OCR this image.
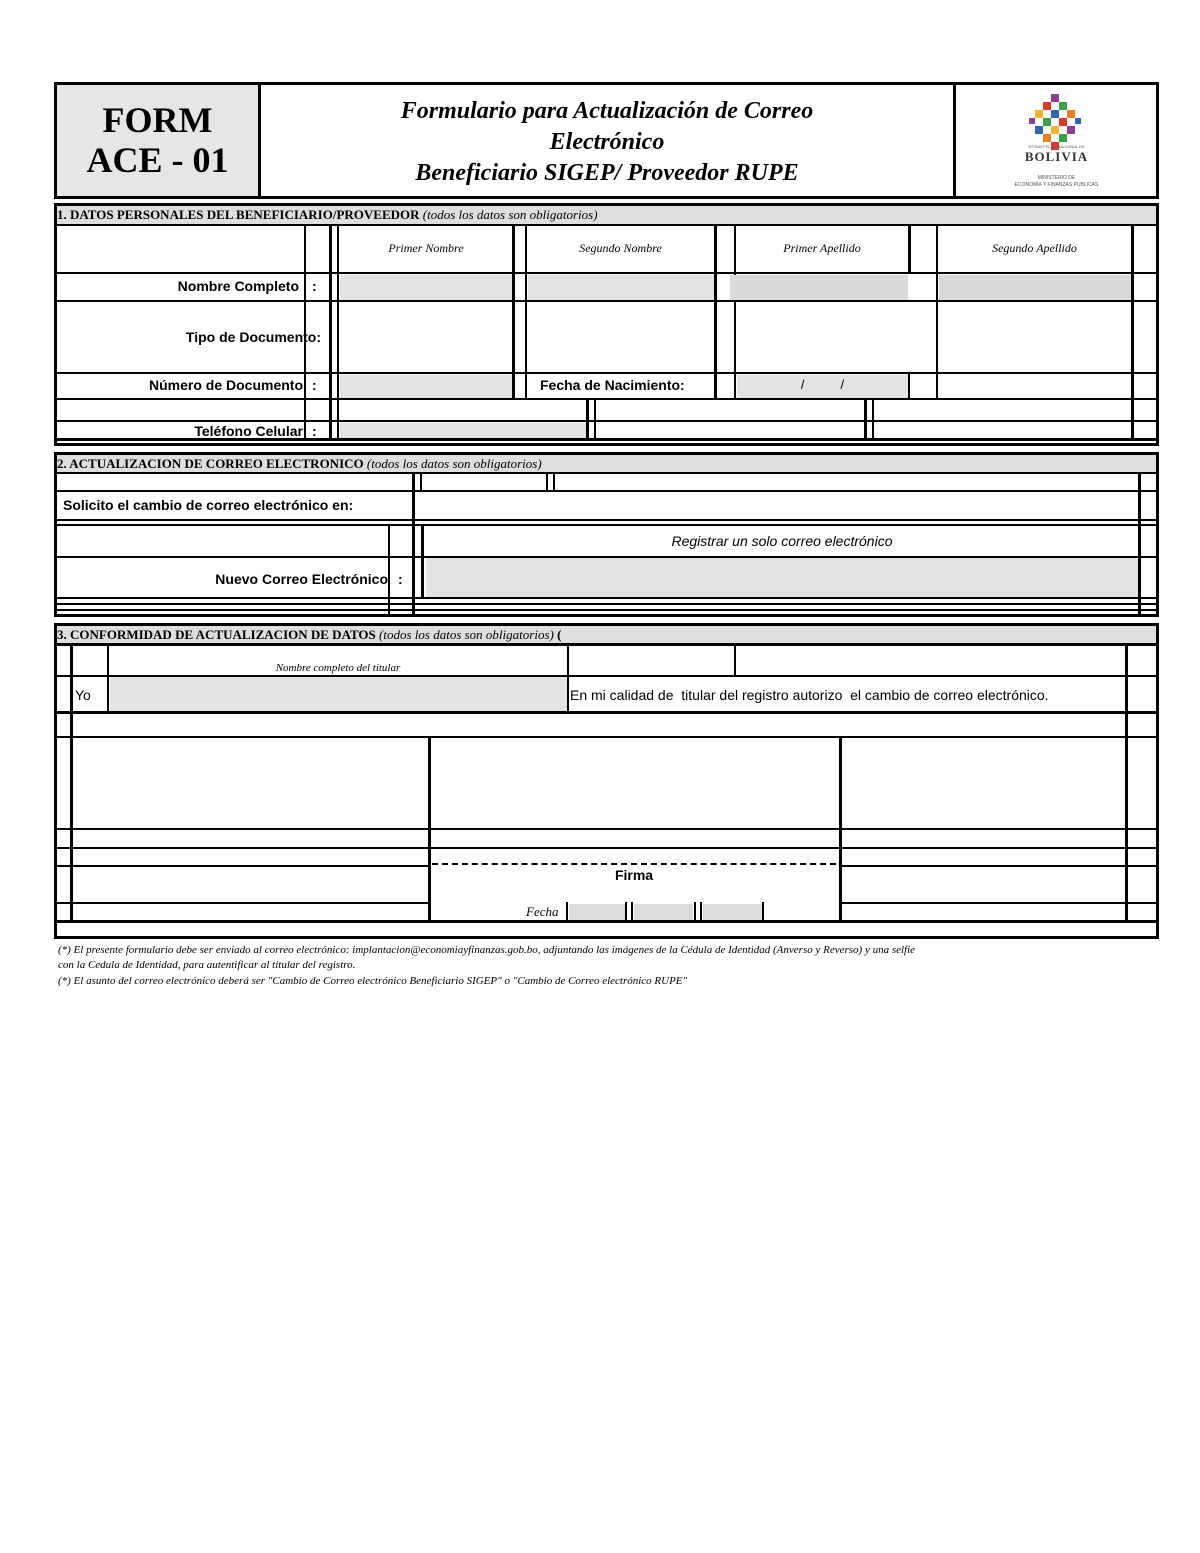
FORM
ACE - 01
Formulario para Actualización de Correo
Electrónico
Beneficiario SIGEP/ Proveedor RUPE
ESTADO PLURINACIONAL DE
BOLIVIA
MINISTERIO DE
ECONOMÍA Y FINANZAS PÚBLICAS
1. DATOS PERSONALES DEL BENEFICIARIO/PROVEEDOR (todos los datos son obligatorios)
Primer Nombre	Segundo Nombre	Primer Apellido	Segundo Apellido
Nombre Completo :
Tipo de Documento:
Número de Documento :	Fecha de Nacimiento:	/          /
Teléfono Celular :
2. ACTUALIZACION DE CORREO ELECTRONICO (todos los datos son obligatorios)
Solicito el cambio de correo electrónico en:
Registrar un solo correo electrónico
Nuevo Correo Electrónico :
3. CONFORMIDAD DE ACTUALIZACION DE DATOS (todos los datos son obligatorios) (
Nombre completo del titular
Yo	En mi calidad de  titular del registro autorizo  el cambio de correo electrónico.
Firma
Fecha
(*) El presente formulario debe ser enviado al correo electrónico: implantacion@economiayfinanzas.gob.bo, adjuntando las imágenes de la Cédula de Identidad (Anverso y Reverso) y una selfie
con la Cedula de Identidad, para autentificar al titular del registro.
(*) El asunto del correo electrónico deberá ser "Cambio de Correo electrónico Beneficiario SIGEP" o "Cambio de Correo electrónico RUPE"
